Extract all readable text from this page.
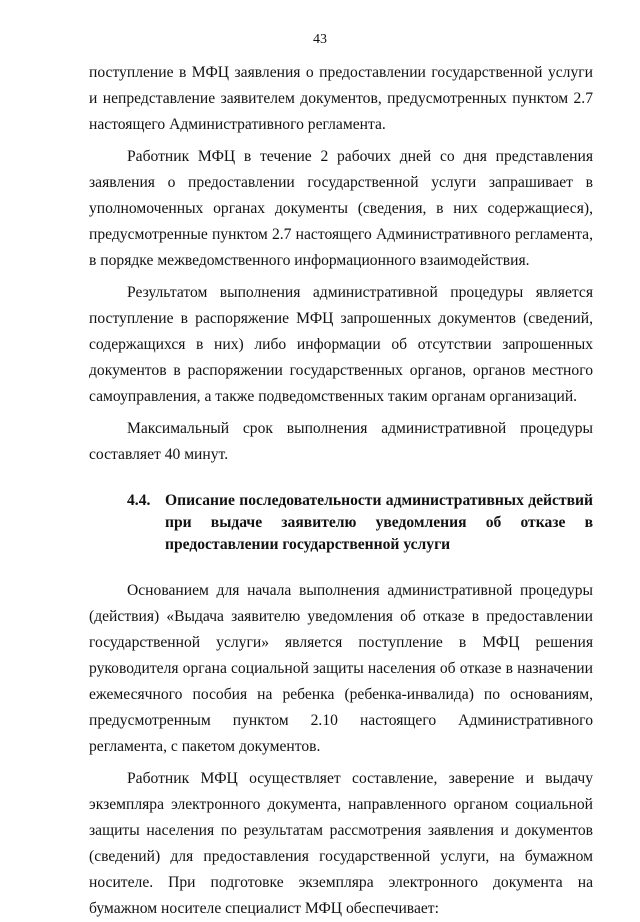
43

поступление в МФЦ заявления о предоставлении государственной услуги и непредставление заявителем документов, предусмотренных пунктом 2.7 настоящего Административного регламента.

Работник МФЦ в течение 2 рабочих дней со дня представления заявления о предоставлении государственной услуги запрашивает в уполномоченных органах документы (сведения, в них содержащиеся), предусмотренные пунктом 2.7 настоящего Административного регламента, в порядке межведомственного информационного взаимодействия.

Результатом выполнения административной процедуры является поступление в распоряжение МФЦ запрошенных документов (сведений, содержащихся в них) либо информации об отсутствии запрошенных документов в распоряжении государственных органов, органов местного самоуправления, а также подведомственных таким органам организаций.

Максимальный срок выполнения административной процедуры составляет 40 минут.

4.4. Описание последовательности административных действий при выдаче заявителю уведомления об отказе в предоставлении государственной услуги

Основанием для начала выполнения административной процедуры (действия) «Выдача заявителю уведомления об отказе в предоставлении государственной услуги» является поступление в МФЦ решения руководителя органа социальной защиты населения об отказе в назначении ежемесячного пособия на ребенка (ребенка-инвалида) по основаниям, предусмотренным пунктом 2.10 настоящего Административного регламента, с пакетом документов.

Работник МФЦ осуществляет составление, заверение и выдачу экземпляра электронного документа, направленного органом социальной защиты населения по результатам рассмотрения заявления и документов (сведений) для предоставления государственной услуги, на бумажном носителе. При подготовке экземпляра электронного документа на бумажном носителе специалист МФЦ обеспечивает:
